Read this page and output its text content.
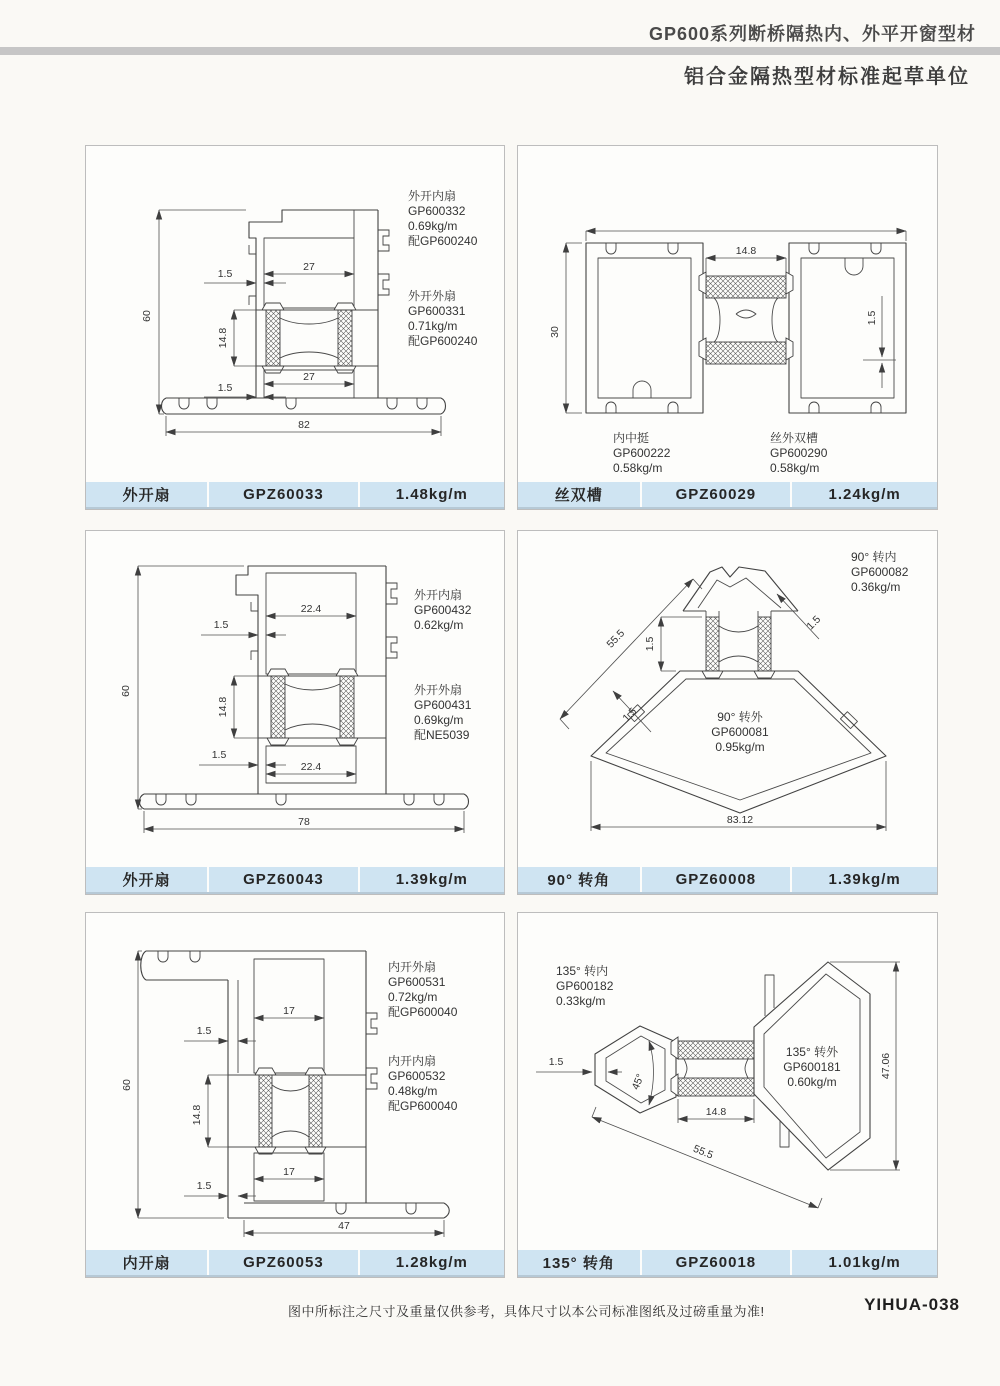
GP600系列断桥隔热内、外平开窗型材
铝合金隔热型材标准起草单位
60
27
1.5
14.8
27
1.5
82
外开内扇
GP600332
0.69kg/m
配GP600240
外开外扇
GP600331
0.71kg/m
配GP600240
外开扇	GPZ60033	1.48kg/m
14.8
30
1.5
内中挺
GP600222
0.58kg/m
丝外双槽
GP600290
0.58kg/m
丝双槽	GPZ60029	1.24kg/m
60
22.4
1.5
14.8
22.4
1.5
78
外开内扇
GP600432
0.62kg/m
外开外扇
GP600431
0.69kg/m
配NE5039
外开扇	GPZ60043	1.39kg/m
55.5 1.5
1.5
1.5
83.12
90° 转内
GP600082
0.36kg/m
90° 转外
GP600081
0.95kg/m
90° 转角	GPZ60008	1.39kg/m
60
17
1.5
14.8
17
1.5
47
内开外扇
GP600531
0.72kg/m
配GP600040
内开内扇
GP600532
0.48kg/m
配GP600040
内开扇	GPZ60053	1.28kg/m
1.5
45°
14.8
55.5
47.06
135° 转内
GP600182
0.33kg/m
135° 转外
GP600181
0.60kg/m
135° 转角	GPZ60018	1.01kg/m
图中所标注之尺寸及重量仅供参考，具体尺寸以本公司标准图纸及过磅重量为准!	YIHUA-038
